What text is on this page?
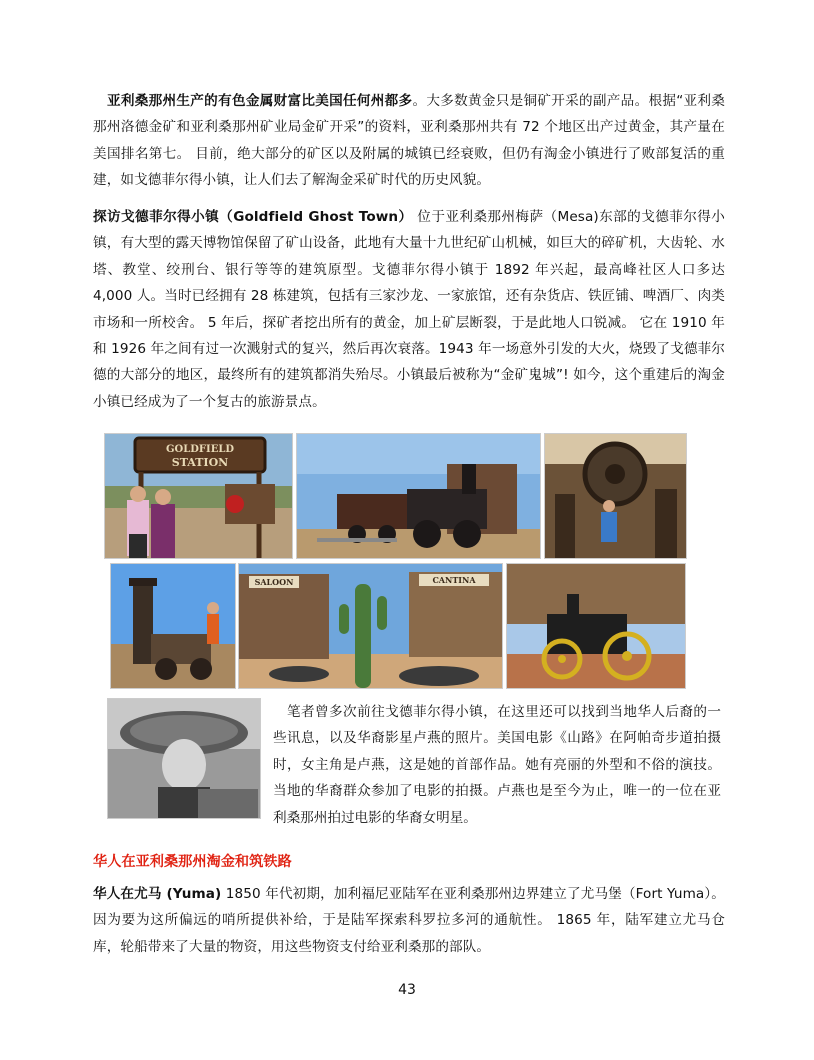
亚利桑那州生产的有色金属财富比美国任何州都多。大多数黄金只是铜矿开采的副产品。根据“亚利桑那州洛德金矿和亚利桑那州矿业局金矿开采”的资料，亚利桑那州共有 72 个地区出产过黄金，其产量在美国排名第七。 目前，绝大部分的矿区以及附属的城镇已经衰败，但仍有淘金小镇进行了败部复活的重建，如戈德菲尔得小镇，让人们去了解淘金采矿时代的历史风貌。

探访戈德菲尔得小镇（Goldfield Ghost Town） 位于亚利桑那州梅萨（Mesa)东部的戈德菲尔得小镇，有大型的露天博物馆保留了矿山设备，此地有大量十九世纪矿山机械，如巨大的碎矿机，大齿轮、水塔、教堂、绞刑台、银行等等的建筑原型。戈德菲尔得小镇于 1892 年兴起，最高峰社区人口多达 4,000 人。当时已经拥有 28 栋建筑，包括有三家沙龙、一家旅馆，还有杂货店、铁匠铺、啤酒厂、肉类市场和一所校舍。 5 年后，探矿者挖出所有的黄金，加上矿层断裂，于是此地人口锐减。 它在 1910 年和 1926 年之间有过一次溅射式的复兴，然后再次衰落。1943 年一场意外引发的大火，烧毁了戈德菲尔德的大部分的地区，最终所有的建筑都消失殆尽。小镇最后被称为“金矿鬼城”! 如今，这个重建后的淘金小镇已经成为了一个复古的旅游景点。

GOLDFIELD
STATION
SALOON	CANTINA

笔者曾多次前往戈德菲尔得小镇，在这里还可以找到当地华人后裔的一些讯息，以及华裔影星卢燕的照片。美国电影《山路》在阿帕奇步道拍摄时，女主角是卢燕，这是她的首部作品。她有亮丽的外型和不俗的演技。当地的华裔群众参加了电影的拍摄。卢燕也是至今为止，唯一的一位在亚利桑那州拍过电影的华裔女明星。

华人在亚利桑那州淘金和筑铁路

华人在尤马 (Yuma) 1850 年代初期，加利福尼亚陆军在亚利桑那州边界建立了尤马堡（Fort Yuma）。因为要为这所偏远的哨所提供补给，于是陆军探索科罗拉多河的通航性。 1865 年，陆军建立尤马仓库，轮船带来了大量的物资，用这些物资支付给亚利桑那的部队。

43
